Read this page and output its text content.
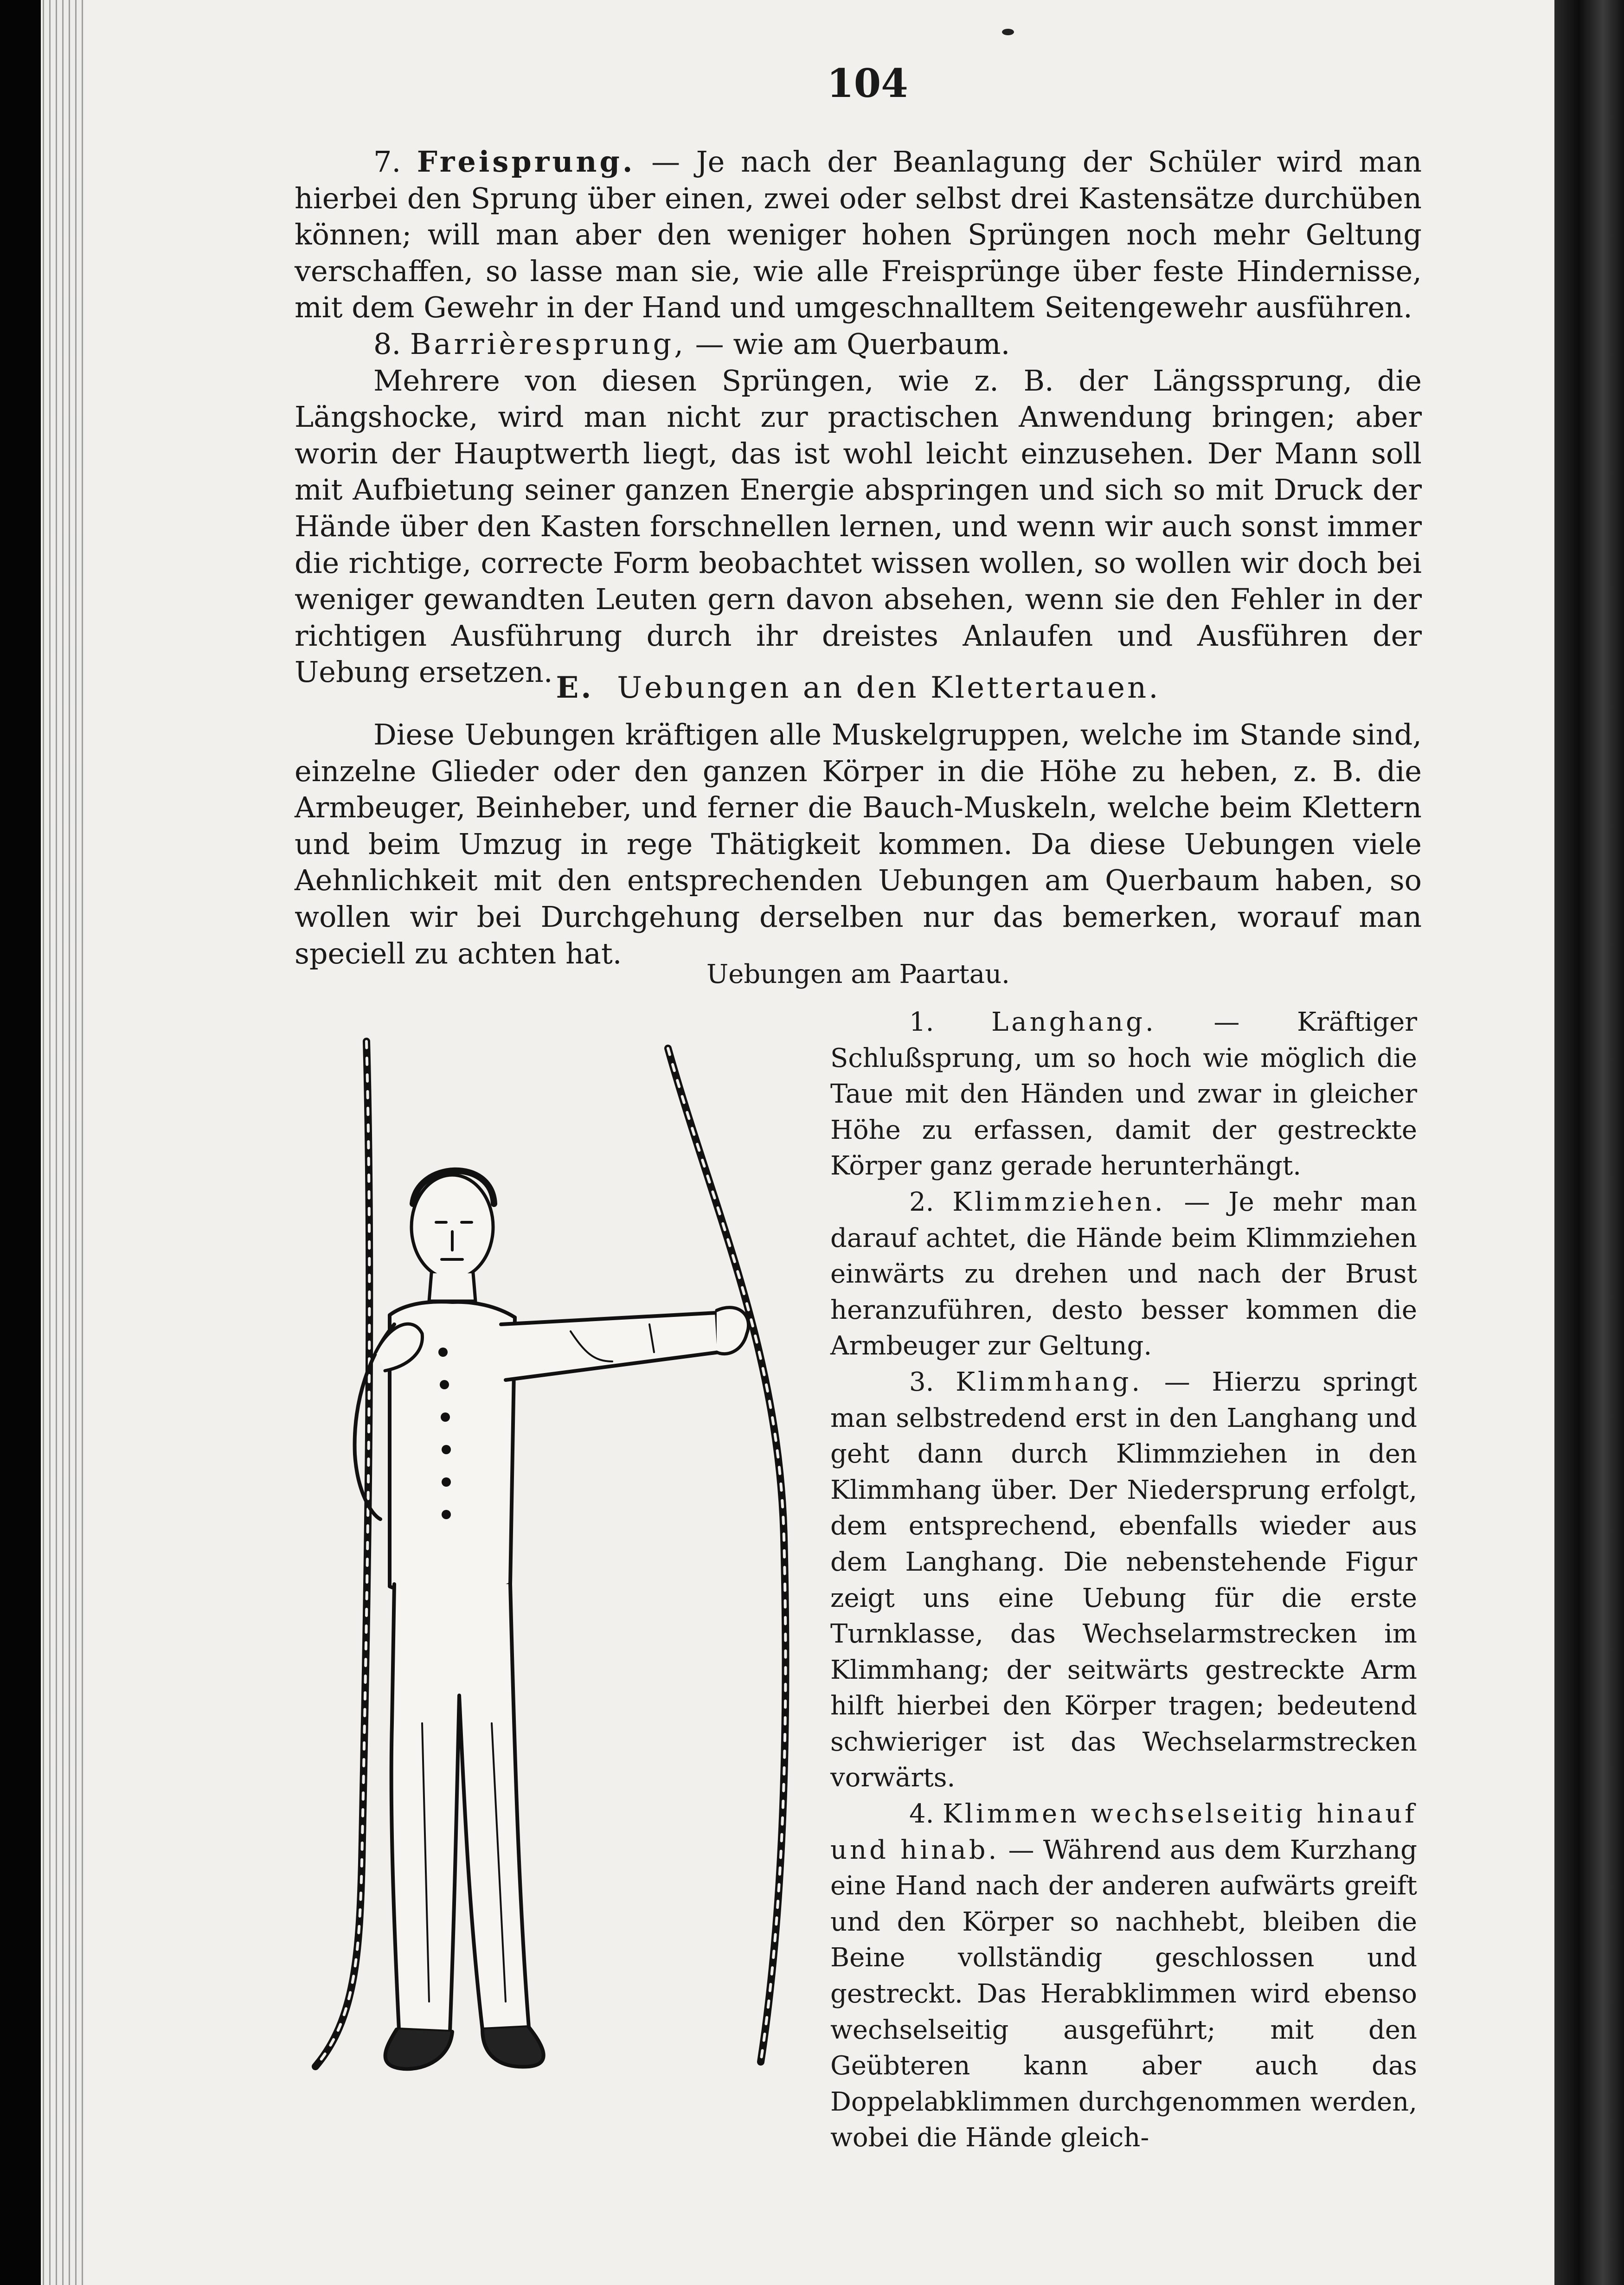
104

7. Freisprung. — Je nach der Beanlagung der Schüler wird man hierbei den Sprung über einen, zwei oder selbst drei Kastensätze durchüben können; will man aber den weniger hohen Sprüngen noch mehr Geltung verschaffen, so lasse man sie, wie alle Freisprünge über feste Hindernisse, mit dem Gewehr in der Hand und umgeschnalltem Seitengewehr ausführen.

8. Barrièresprung, — wie am Querbaum.

Mehrere von diesen Sprüngen, wie z. B. der Längssprung, die Längshocke, wird man nicht zur practischen Anwendung bringen; aber worin der Hauptwerth liegt, das ist wohl leicht einzusehen. Der Mann soll mit Aufbietung seiner ganzen Energie abspringen und sich so mit Druck der Hände über den Kasten forschnellen lernen, und wenn wir auch sonst immer die richtige, correcte Form beobachtet wissen wollen, so wollen wir doch bei weniger gewandten Leuten gern davon absehen, wenn sie den Fehler in der richtigen Ausführung durch ihr dreistes Anlaufen und Ausführen der Uebung ersetzen. E. Uebungen an den Klettertauen.

Diese Uebungen kräftigen alle Muskelgruppen, welche im Stande sind, einzelne Glieder oder den ganzen Körper in die Höhe zu heben, z. B. die Armbeuger, Beinheber, und ferner die Bauch-Muskeln, welche beim Klettern und beim Umzug in rege Thätigkeit kommen. Da diese Uebungen viele Aehnlichkeit mit den entsprechenden Uebungen am Querbaum haben, so wollen wir bei Durchgehung derselben nur das bemerken, worauf man speciell zu achten hat.

Uebungen am Paartau.

1. Langhang. — Kräftiger Schlußsprung, um so hoch wie möglich die Taue mit den Händen und zwar in gleicher Höhe zu erfassen, damit der gestreckte Körper ganz gerade herunterhängt.

2. Klimmziehen. — Je mehr man darauf achtet, die Hände beim Klimmziehen einwärts zu drehen und nach der Brust heranzuführen, desto besser kommen die Armbeuger zur Geltung.

3. Klimmhang. — Hierzu springt man selbstredend erst in den Langhang und geht dann durch Klimmziehen in den Klimmhang über. Der Niedersprung erfolgt, dem entsprechend, ebenfalls wieder aus dem Langhang. Die nebenstehende Figur zeigt uns eine Uebung für die erste Turnklasse, das Wechselarmstrecken im Klimmhang; der seitwärts gestreckte Arm hilft hierbei den Körper tragen; bedeutend schwieriger ist das Wechselarmstrecken vorwärts.

4. Klimmen wechselseitig hinauf und hinab. — Während aus dem Kurzhang eine Hand nach der anderen aufwärts greift und den Körper so nachhebt, bleiben die Beine vollständig geschlossen und gestreckt. Das Herabklimmen wird ebenso wechselseitig ausgeführt; mit den Geübteren kann aber auch das Doppelabklimmen durchgenommen werden, wobei die Hände gleich-
